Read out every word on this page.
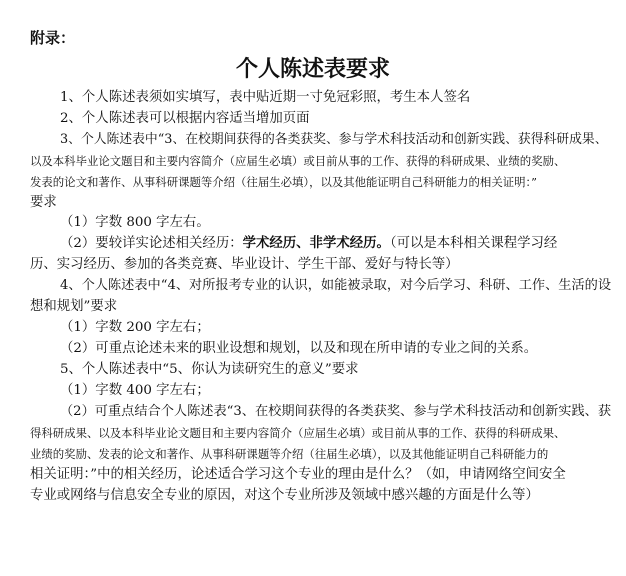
附录：
个人陈述表要求
1、个人陈述表须如实填写，表中贴近期一寸免冠彩照，考生本人签名
2、个人陈述表可以根据内容适当增加页面
3、个人陈述表中“3、在校期间获得的各类获奖、参与学术科技活动和创新实践、获得科研成果、
以及本科毕业论文题目和主要内容简介（应届生必填）或目前从事的工作、获得的科研成果、业绩的奖励、
发表的论文和著作、从事科研课题等介绍（往届生必填），以及其他能证明自己科研能力的相关证明：”
要求
（1）字数 800 字左右。
（2）要较详实论述相关经历：学术经历、非学术经历。（可以是本科相关课程学习经
历、实习经历、参加的各类竞赛、毕业设计、学生干部、爱好与特长等）
4、个人陈述表中“4、对所报考专业的认识，如能被录取，对今后学习、科研、工作、生活的设
想和规划”要求
（1）字数 200 字左右；
（2）可重点论述未来的职业设想和规划，以及和现在所申请的专业之间的关系。
5、个人陈述表中“5、你认为读研究生的意义”要求
（1）字数 400 字左右；
（2）可重点结合个人陈述表“3、在校期间获得的各类获奖、参与学术科技活动和创新实践、获
得科研成果、以及本科毕业论文题目和主要内容简介（应届生必填）或目前从事的工作、获得的科研成果、
业绩的奖励、发表的论文和著作、从事科研课题等介绍（往届生必填），以及其他能证明自己科研能力的
相关证明：”中的相关经历，论述适合学习这个专业的理由是什么？（如，申请网络空间安全
专业或网络与信息安全专业的原因，对这个专业所涉及领域中感兴趣的方面是什么等）
